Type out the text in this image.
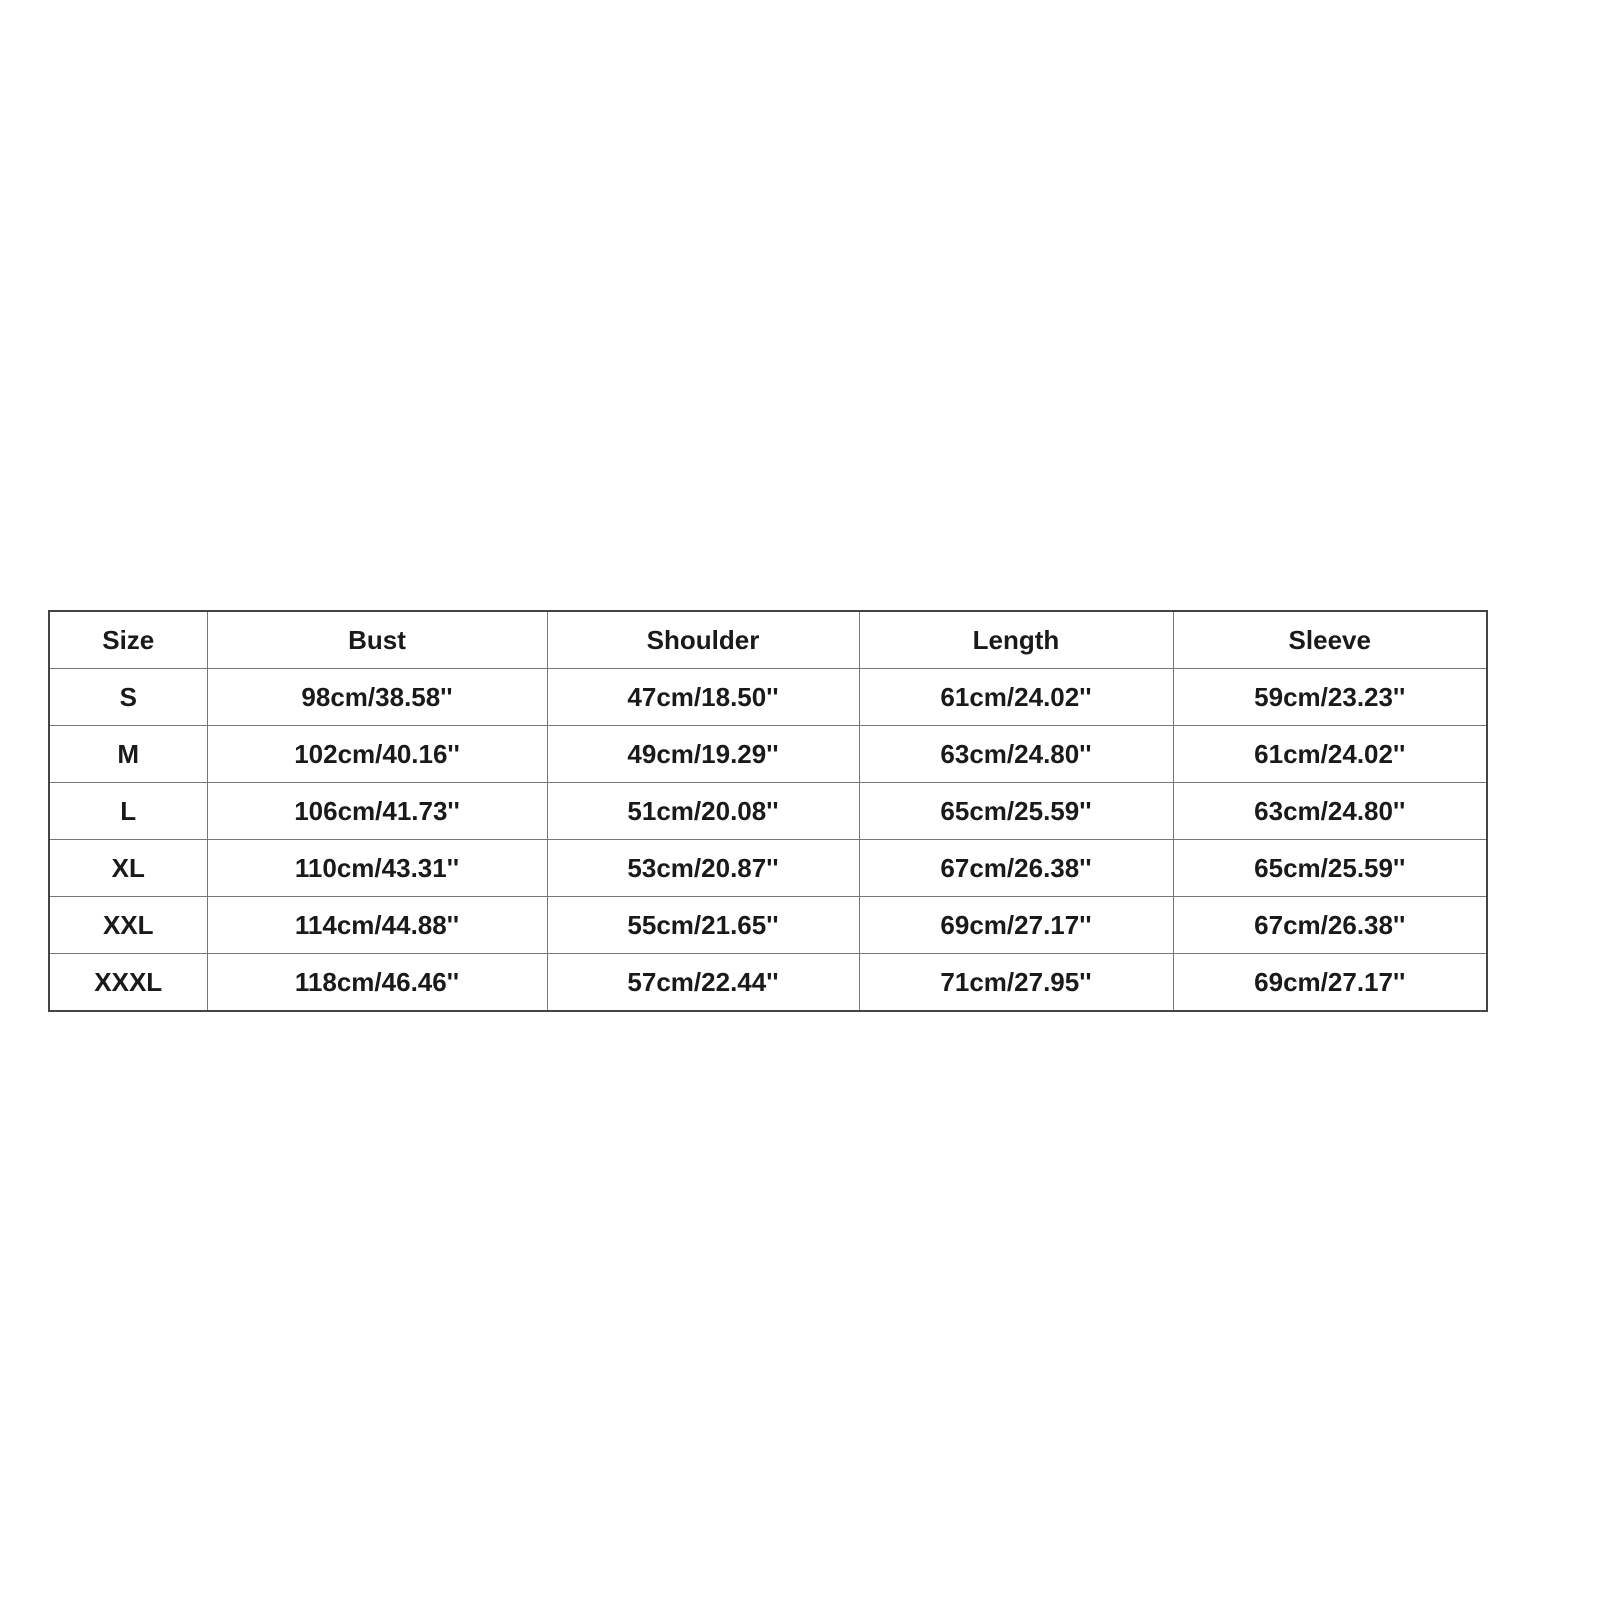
Size	Bust	Shoulder	Length	Sleeve
S	98cm/38.58''	47cm/18.50''	61cm/24.02''	59cm/23.23''
M	102cm/40.16''	49cm/19.29''	63cm/24.80''	61cm/24.02''
L	106cm/41.73''	51cm/20.08''	65cm/25.59''	63cm/24.80''
XL	110cm/43.31''	53cm/20.87''	67cm/26.38''	65cm/25.59''
XXL	114cm/44.88''	55cm/21.65''	69cm/27.17''	67cm/26.38''
XXXL	118cm/46.46''	57cm/22.44''	71cm/27.95''	69cm/27.17''
